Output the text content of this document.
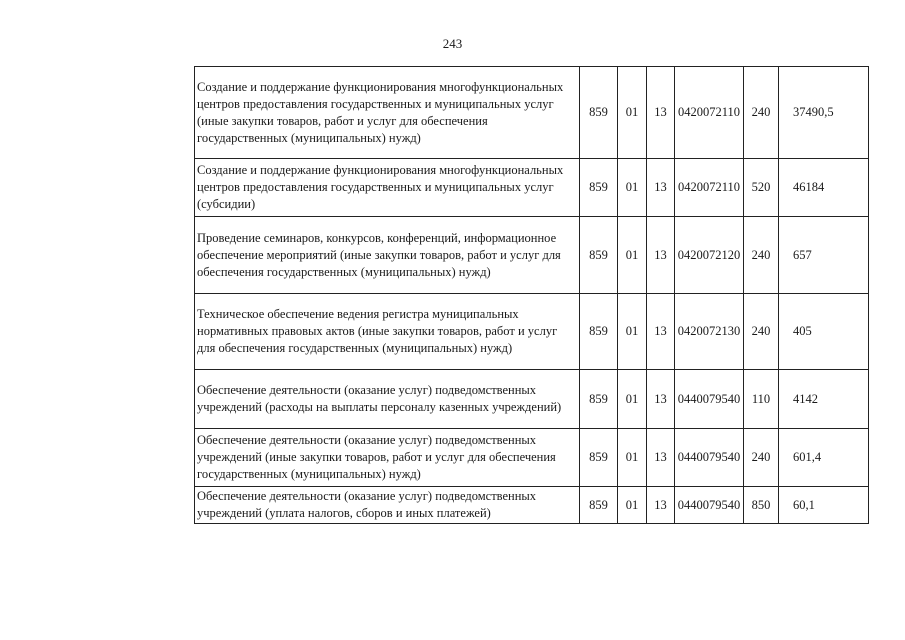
243
Создание и поддержание функционирования многофункциональных центров предоставления государственных и муниципальных услуг (иные закупки товаров, работ и услуг для обеспечения государственных (муниципальных) нужд)	859	01	13	0420072110	240	37490,5
Создание и поддержание функционирования многофункциональных центров предоставления государственных и муниципальных услуг (субсидии)	859	01	13	0420072110	520	46184
Проведение семинаров, конкурсов, конференций, информационное обеспечение мероприятий (иные закупки товаров, работ и услуг для обеспечения государственных (муниципальных) нужд)	859	01	13	0420072120	240	657
Техническое обеспечение ведения регистра муниципальных нормативных правовых актов (иные закупки товаров, работ и услуг для обеспечения государственных (муниципальных) нужд)	859	01	13	0420072130	240	405
Обеспечение деятельности (оказание услуг) подведомственных учреждений (расходы на выплаты персоналу казенных учреждений)	859	01	13	0440079540	110	4142
Обеспечение деятельности (оказание услуг) подведомственных учреждений (иные закупки товаров, работ и услуг для обеспечения государственных (муниципальных) нужд)	859	01	13	0440079540	240	601,4
Обеспечение деятельности (оказание услуг) подведомственных учреждений (уплата налогов, сборов и иных платежей)	859	01	13	0440079540	850	60,1
